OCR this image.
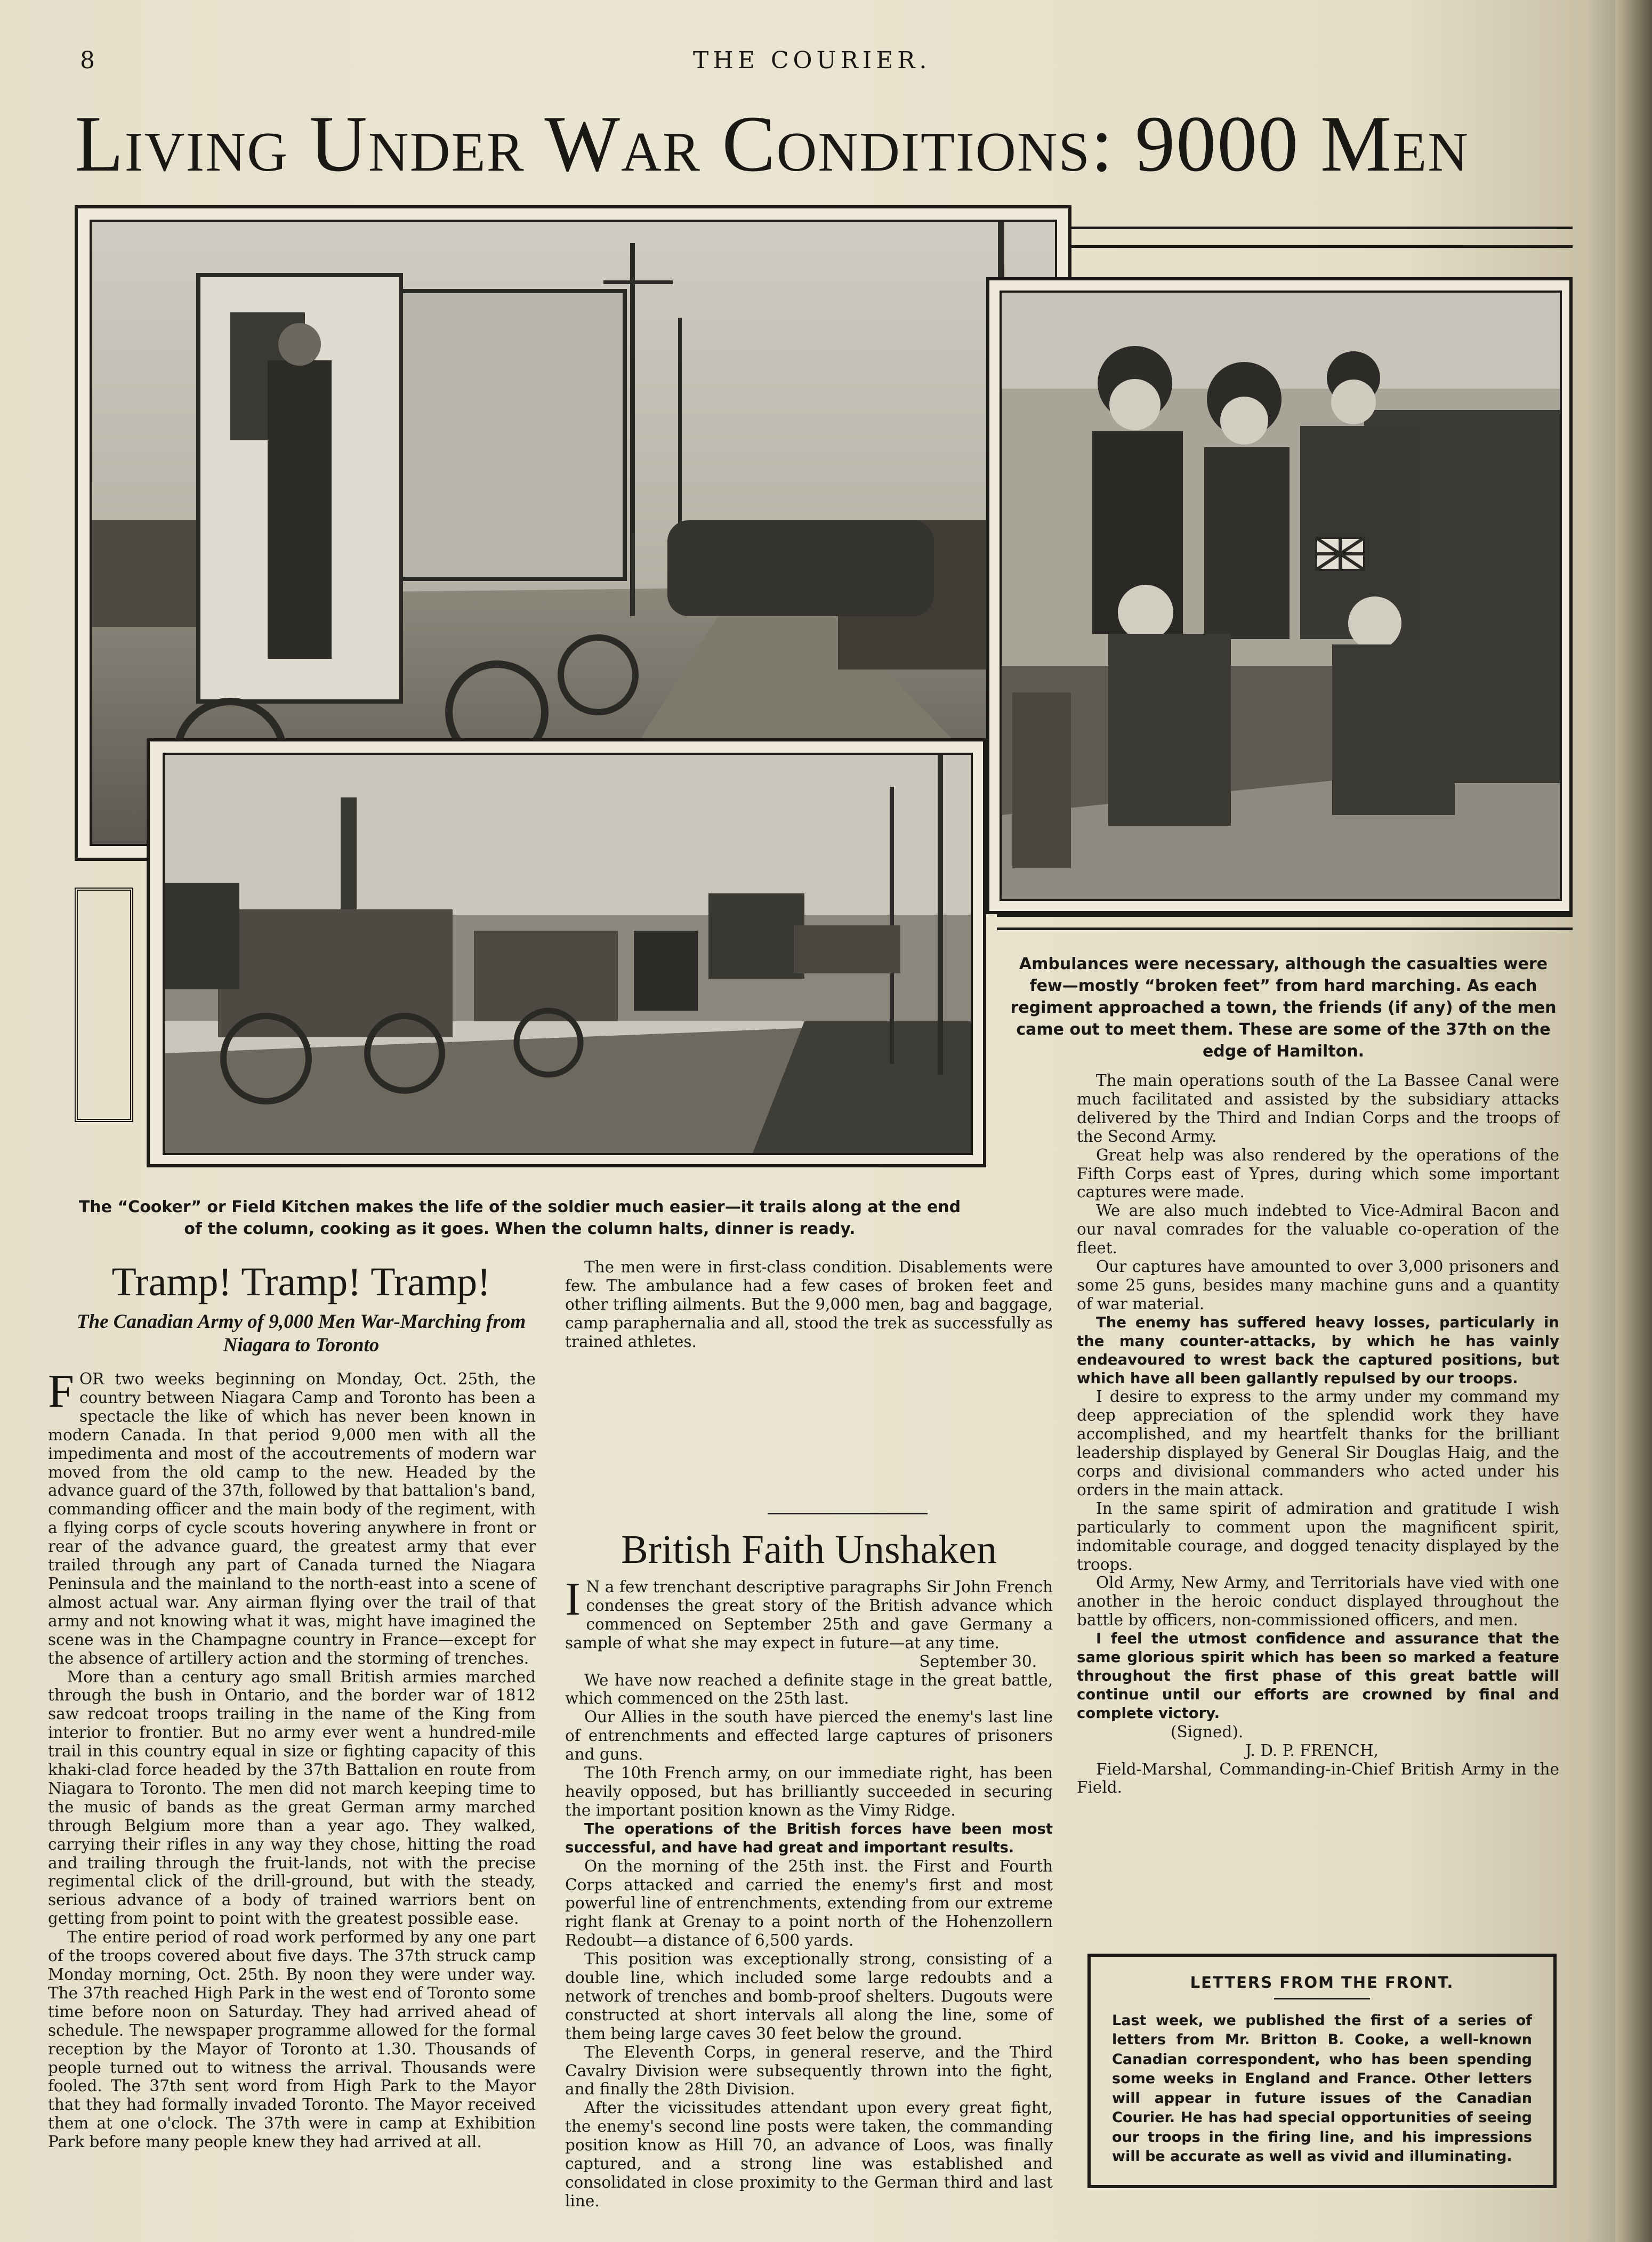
8	THE COURIER.
Living Under War Conditions: 9000 Men
Ambulances were necessary, although the casualties were few—mostly “broken feet” from hard marching. As each regiment approached a town, the friends (if any) of the men came out to meet them. These are some of the 37th on the edge of Hamilton.
The “Cooker” or Field Kitchen makes the life of the soldier much easier—it trails along at the end of the column, cooking as it goes. When the column halts, dinner is ready.
Tramp! Tramp! Tramp!
The Canadian Army of 9,000 Men War-Marching from Niagara to Toronto

FOR two weeks beginning on Monday, Oct. 25th, the country between Niagara Camp and Toronto has been a spectacle the like of which has never been known in modern Canada. In that period 9,000 men with all the impedimenta and most of the accoutrements of modern war moved from the old camp to the new. Headed by the advance guard of the 37th, followed by that battalion's band, commanding officer and the main body of the regiment, with a flying corps of cycle scouts hovering anywhere in front or rear of the advance guard, the greatest army that ever trailed through any part of Canada turned the Niagara Peninsula and the mainland to the north-east into a scene of almost actual war. Any airman flying over the trail of that army and not knowing what it was, might have imagined the scene was in the Champagne country in France—except for the absence of artillery action and the storming of trenches.

More than a century ago small British armies marched through the bush in Ontario, and the border war of 1812 saw redcoat troops trailing in the name of the King from interior to frontier. But no army ever went a hundred-mile trail in this country equal in size or fighting capacity of this khaki-clad force headed by the 37th Battalion en route from Niagara to Toronto. The men did not march keeping time to the music of bands as the great German army marched through Belgium more than a year ago. They walked, carrying their rifles in any way they chose, hitting the road and trailing through the fruit-lands, not with the precise regimental click of the drill-ground, but with the steady, serious advance of a body of trained warriors bent on getting from point to point with the greatest possible ease.

The entire period of road work performed by any one part of the troops covered about five days. The 37th struck camp Monday morning, Oct. 25th. By noon they were under way. The 37th reached High Park in the west end of Toronto some time before noon on Saturday. They had arrived ahead of schedule. The newspaper programme allowed for the formal reception by the Mayor of Toronto at 1.30. Thousands of people turned out to witness the arrival. Thousands were fooled. The 37th sent word from High Park to the Mayor that they had formally invaded Toronto. The Mayor received them at one o'clock. The 37th were in camp at Exhibition Park before many people knew they had arrived at all.

The men were in first-class condition. Disablements were few. The ambulance had a few cases of broken feet and other trifling ailments. But the 9,000 men, bag and baggage, camp paraphernalia and all, stood the trek as successfully as trained athletes.

British Faith Unshaken

I N a few trenchant descriptive paragraphs Sir John French condenses the great story of the British advance which commenced on September 25th and gave Germany a sample of what she may expect in future—at any time.

September 30.

We have now reached a definite stage in the great battle, which commenced on the 25th last.

Our Allies in the south have pierced the enemy's last line of entrenchments and effected large captures of prisoners and guns.

The 10th French army, on our immediate right, has been heavily opposed, but has brilliantly succeeded in securing the important position known as the Vimy Ridge.

The operations of the British forces have been most successful, and have had great and important results.

On the morning of the 25th inst. the First and Fourth Corps attacked and carried the enemy's first and most powerful line of entrenchments, extending from our extreme right flank at Grenay to a point north of the Hohenzollern Redoubt—a distance of 6,500 yards.

This position was exceptionally strong, consisting of a double line, which included some large redoubts and a network of trenches and bomb-proof shelters. Dugouts were constructed at short intervals all along the line, some of them being large caves 30 feet below the ground.

The Eleventh Corps, in general reserve, and the Third Cavalry Division were subsequently thrown into the fight, and finally the 28th Division.

After the vicissitudes attendant upon every great fight, the enemy's second line posts were taken, the commanding position know as Hill 70, an advance of Loos, was finally captured, and a strong line was established and consolidated in close proximity to the German third and last line.

The main operations south of the La Bassee Canal were much facilitated and assisted by the subsidiary attacks delivered by the Third and Indian Corps and the troops of the Second Army.

Great help was also rendered by the operations of the Fifth Corps east of Ypres, during which some important captures were made.

We are also much indebted to Vice-Admiral Bacon and our naval comrades for the valuable co-operation of the fleet.

Our captures have amounted to over 3,000 prisoners and some 25 guns, besides many machine guns and a quantity of war material.

The enemy has suffered heavy losses, particularly in the many counter-attacks, by which he has vainly endeavoured to wrest back the captured positions, but which have all been gallantly repulsed by our troops.

I desire to express to the army under my command my deep appreciation of the splendid work they have accomplished, and my heartfelt thanks for the brilliant leadership displayed by General Sir Douglas Haig, and the corps and divisional commanders who acted under his orders in the main attack.

In the same spirit of admiration and gratitude I wish particularly to comment upon the magnificent spirit, indomitable courage, and dogged tenacity displayed by the troops.

Old Army, New Army, and Territorials have vied with one another in the heroic conduct displayed throughout the battle by officers, non-commissioned officers, and men.

I feel the utmost confidence and assurance that the same glorious spirit which has been so marked a feature throughout the first phase of this great battle will continue until our efforts are crowned by final and complete victory.

(Signed).

J. D. P. FRENCH,

Field-Marshal, Commanding-in-Chief British Army in the Field.

LETTERS FROM THE FRONT.
Last week, we published the first of a series of letters from Mr. Britton B. Cooke, a well-known Canadian correspondent, who has been spending some weeks in England and France. Other letters will appear in future issues of the Canadian Courier. He has had special opportunities of seeing our troops in the firing line, and his impressions will be accurate as well as vivid and illuminating.
